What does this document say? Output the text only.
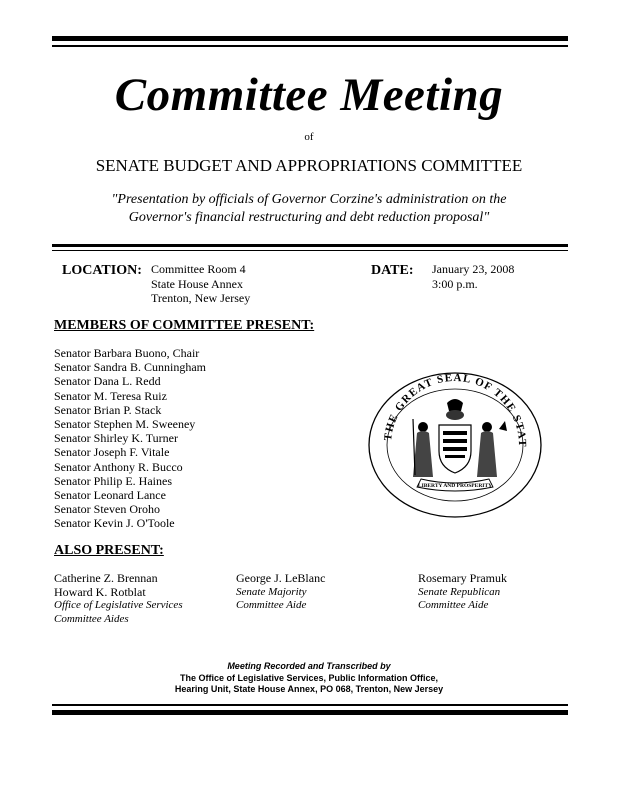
Committee Meeting
of
SENATE BUDGET AND APPROPRIATIONS COMMITTEE
"Presentation by officials of Governor Corzine's administration on the
Governor's financial restructuring and debt reduction proposal"
LOCATION: Committee Room 4
State House Annex
Trenton, New Jersey
DATE: January 23, 2008
3:00 p.m.
MEMBERS OF COMMITTEE PRESENT:
Senator Barbara Buono, Chair
Senator Sandra B. Cunningham
Senator Dana L. Redd
Senator M. Teresa Ruiz
Senator Brian P. Stack
Senator Stephen M. Sweeney
Senator Shirley K. Turner
Senator Joseph F. Vitale
Senator Anthony R. Bucco
Senator Philip E. Haines
Senator Leonard Lance
Senator Steven Oroho
Senator Kevin J. O'Toole
THE GREAT SEAL OF THE STAT
LIBERTY AND PROSPERITY
ALSO PRESENT:
Catherine Z. Brennan
Howard K. Rotblat
Office of Legislative Services
Committee Aides
George J. LeBlanc
Senate Majority
Committee Aide
Rosemary Pramuk
Senate Republican
Committee Aide
Meeting Recorded and Transcribed by
The Office of Legislative Services, Public Information Office,
Hearing Unit, State House Annex, PO 068, Trenton, New Jersey
